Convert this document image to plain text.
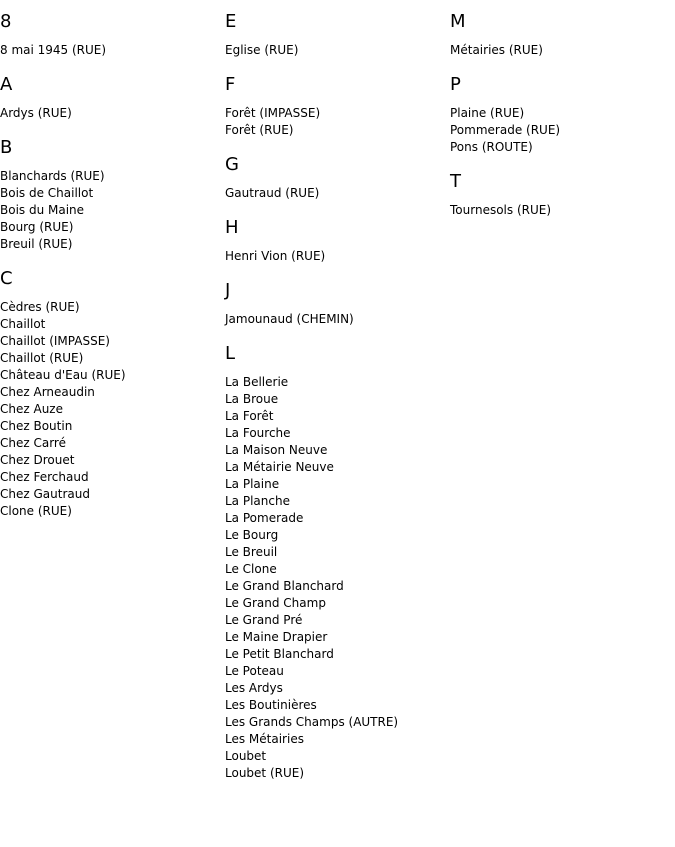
8
8 mai 1945 (RUE)
A
Ardys (RUE)
B
Blanchards (RUE)
Bois de Chaillot
Bois du Maine
Bourg (RUE)
Breuil (RUE)
C
Cèdres (RUE)
Chaillot
Chaillot (IMPASSE)
Chaillot (RUE)
Château d'Eau (RUE)
Chez Arneaudin
Chez Auze
Chez Boutin
Chez Carré
Chez Drouet
Chez Ferchaud
Chez Gautraud
Clone (RUE)
E
Eglise (RUE)
F
Forêt (IMPASSE)
Forêt (RUE)
G
Gautraud (RUE)
H
Henri Vion (RUE)
J
Jamounaud (CHEMIN)
L
La Bellerie
La Broue
La Forêt
La Fourche
La Maison Neuve
La Métairie Neuve
La Plaine
La Planche
La Pomerade
Le Bourg
Le Breuil
Le Clone
Le Grand Blanchard
Le Grand Champ
Le Grand Pré
Le Maine Drapier
Le Petit Blanchard
Le Poteau
Les Ardys
Les Boutinières
Les Grands Champs (AUTRE)
Les Métairies
Loubet
Loubet (RUE)
M
Métairies (RUE)
P
Plaine (RUE)
Pommerade (RUE)
Pons (ROUTE)
T
Tournesols (RUE)
